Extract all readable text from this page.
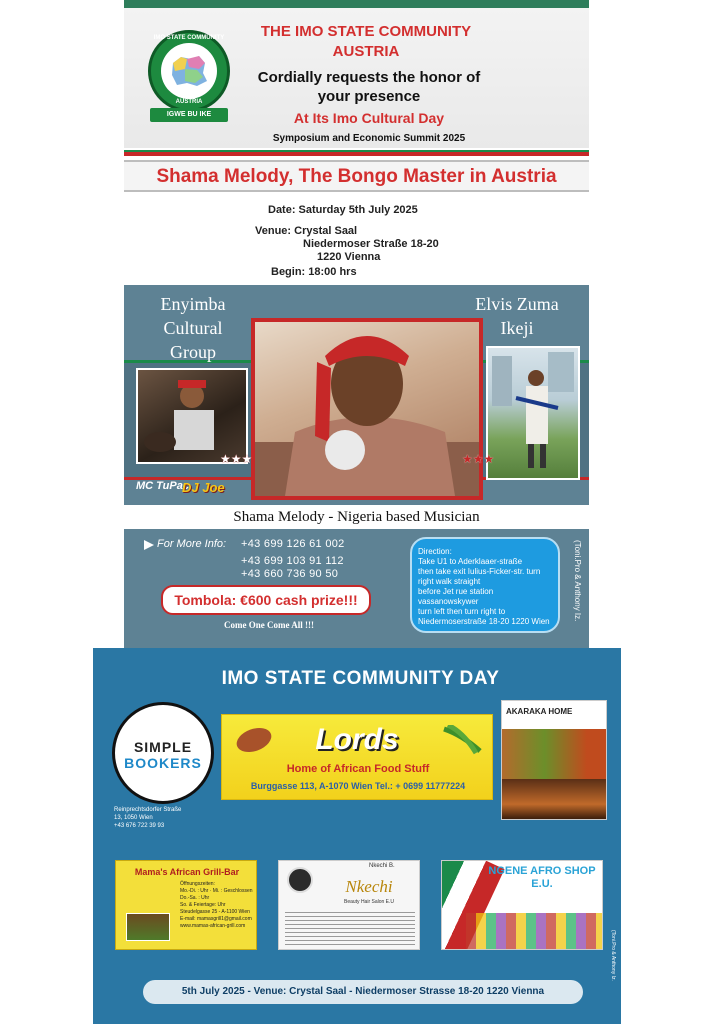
IMO STATE COMMUNITY
AUSTRIA
IGWE BU IKE
THE IMO STATE COMMUNITY
AUSTRIA
Cordially requests the honor of
your presence
At Its Imo Cultural Day
Symposium and Economic Summit 2025
Shama Melody, The Bongo Master in Austria
Date: Saturday 5th July 2025
Venue: Crystal Saal
Niedermoser Straße 18-20
1220 Vienna
Begin: 18:00 hrs
Enyimba
Cultural
Group
Elvis Zuma
Ikeji
★★★	★★★
MC TuPac
DJ Joe
Shama Melody - Nigeria based Musician
For More Info: +43 699 126 61 002
+43 699 103 91 112
+43 660 736 90 50
Tombola: €600 cash prize!!!
Come One Come All !!!
Direction:
Take U1 to Aderklaaer-straße
then take exit Iulius-Ficker-str. turn
right walk straight
before Jet rue station
vassanowskywer
turn left then turn right to
Niedermoserstraße 18-20 1220 Wien
(Toni.Pro & Anthony Iz.
IMO STATE COMMUNITY DAY
SIMPLE
BOOKERS
Reinprechtsdorfer Straße
13, 1050 Wien
+43 676 722 39 93
Lords
Home of African Food Stuff
Burggasse 113, A-1070 Wien Tel.: + 0699 11777224
AKARAKA HOME
Mama's African Grill-Bar
Öffnungszeiten:
Mo.-Di. : Uhr · Mi. : Geschlossen
Do.-Sa. : Uhr
So. & Feiertage: Uhr
Steudelgasse 25 - A-1100 Wien
E-mail: mamasgrill1@gmail.com
www.mamas-african-grill.com
Nkechi B.
Nkechi
Beauty Hair Salon E.U
NGENE AFRO SHOP E.U.
(Toni.Pro & Anthony Iz.
5th July 2025 - Venue: Crystal Saal - Niedermoser Strasse 18-20 1220 Vienna
